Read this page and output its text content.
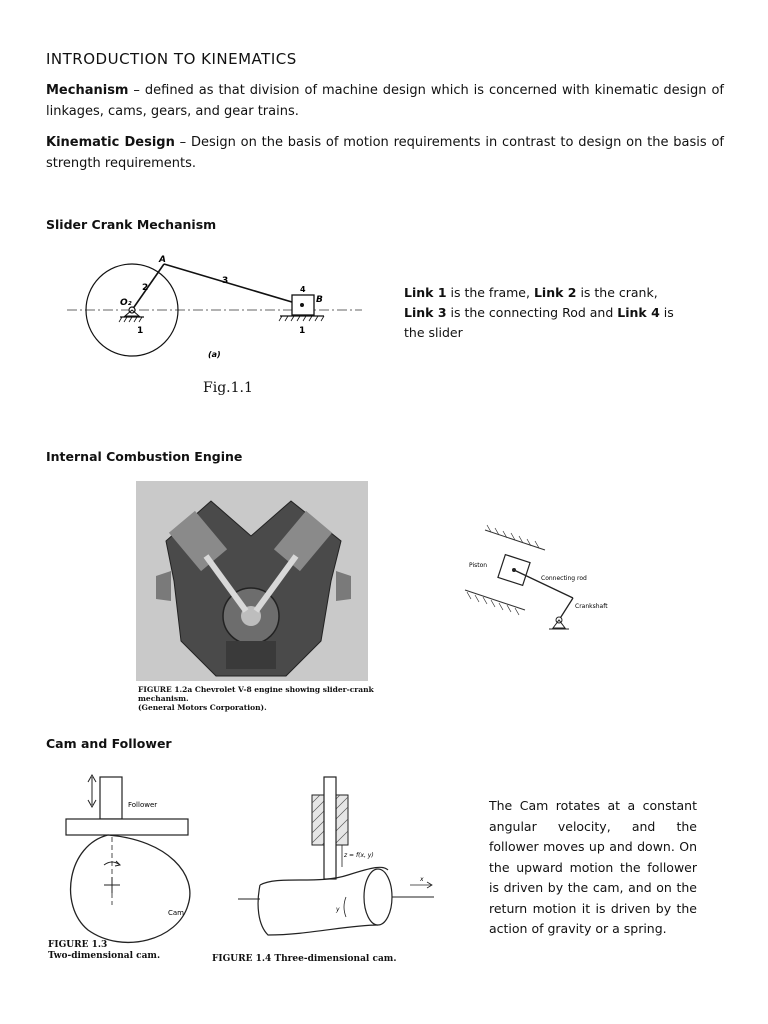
INTRODUCTION TO KINEMATICS
Mechanism – defined as that division of machine design which is concerned with kinematic design of linkages, cams, gears, and gear trains.
Kinematic Design – Design on the basis of motion requirements in contrast to design on the basis of strength requirements.
Slider Crank Mechanism
A
B
O₂
2
3
4
1	1
(a)
Fig.1.1
Link 1 is the frame, Link 2 is the crank, Link 3 is the connecting Rod and Link 4 is the slider
Internal Combustion Engine
FIGURE 1.2a Chevrolet V-8 engine showing slider-crank mechanism.
(General Motors Corporation).
Piston
Connecting rod
Crankshaft
Cam and Follower
Follower
Cam
FIGURE 1.3
Two-dimensional cam.
z = f(x, y)
x
y
FIGURE 1.4 Three-dimensional cam.
The Cam rotates at a constant angular velocity, and the follower moves up and down. On the upward motion the follower is driven by the cam, and on the return motion it is driven by the action of gravity or a spring.
